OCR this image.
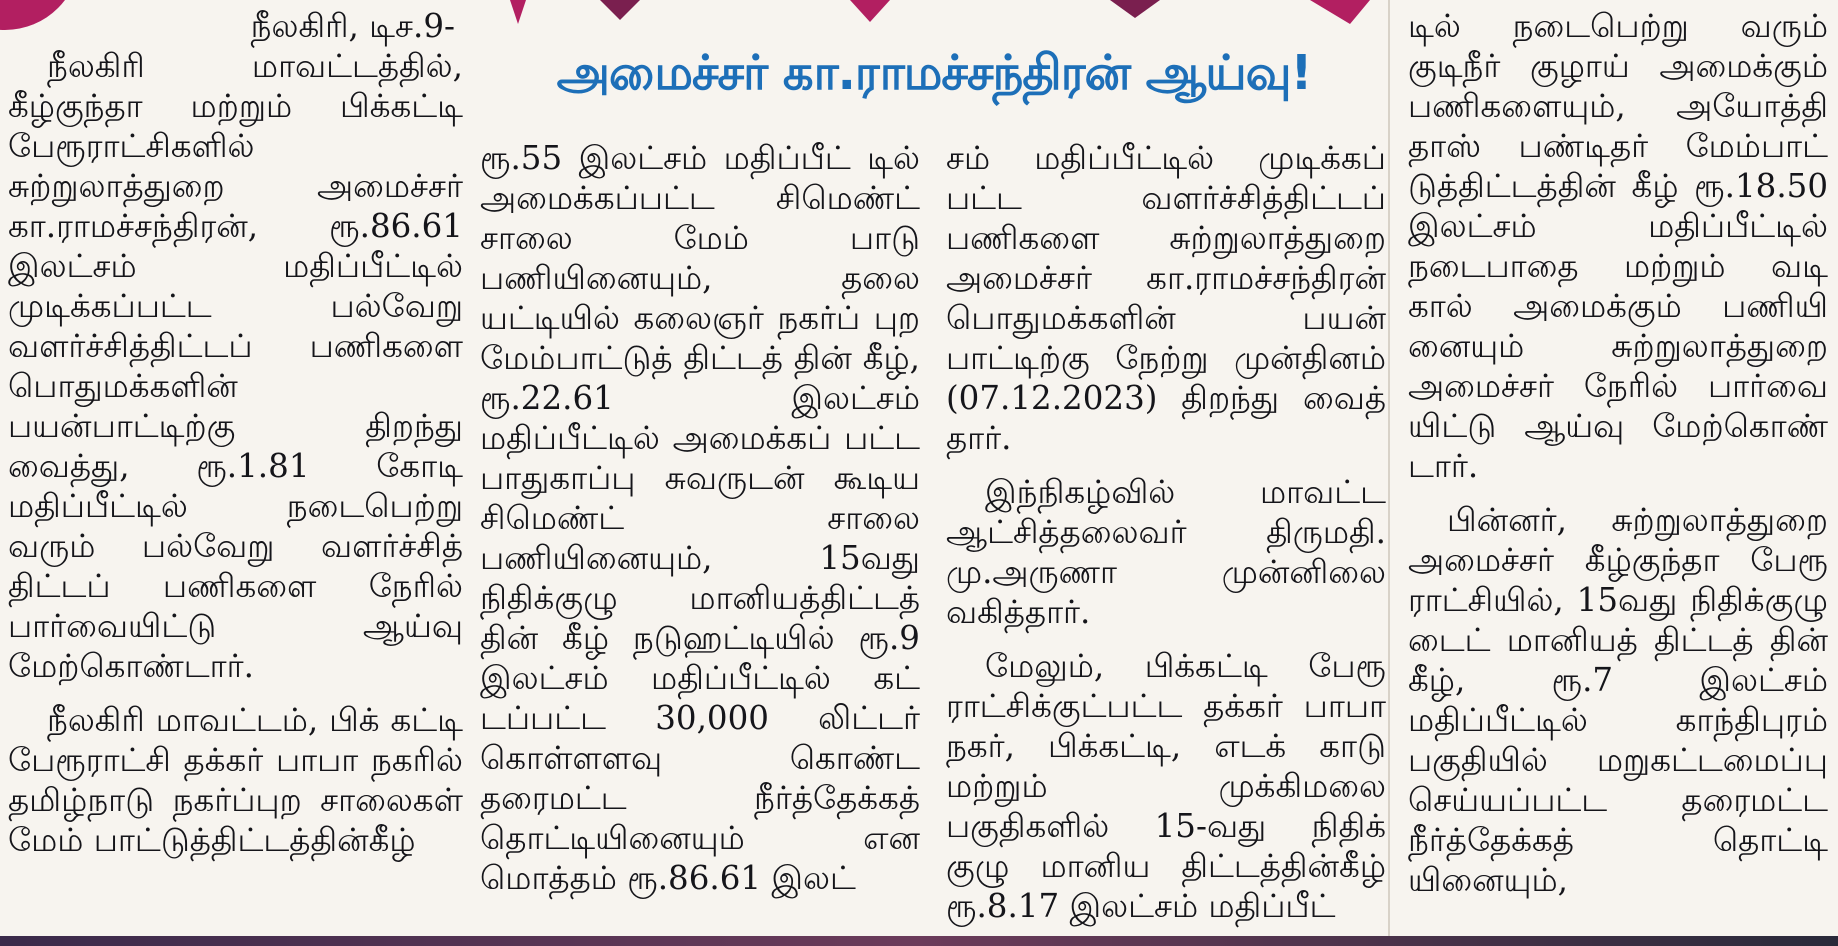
அமைச்சர் கா.ராமச்சந்திரன் ஆய்வு!
நீலகிரி, டிச.9-

நீலகிரி மாவட்டத்தில், கீழ்குந்தா மற்றும் பிக்கட்டி பேரூராட்சிகளில் சுற்றுலாத்துறை அமைச்சர் கா.ராமச்சந்திரன், ரூ.86.61 இலட்சம் மதிப்பீட்டில் முடிக்கப்பட்ட பல்வேறு வளர்ச்சித்திட்டப் பணிகளை பொதுமக்களின் பயன்பாட்டிற்கு திறந்து வைத்து, ரூ.1.81 கோடி மதிப்பீட்டில் நடைபெற்று வரும் பல்வேறு வளர்ச்சித் திட்டப் பணிகளை நேரில் பார்வையிட்டு ஆய்வு மேற்கொண்டார்.

நீலகிரி மாவட்டம், பிக் கட்டி பேரூராட்சி தக்கர் பாபா நகரில் தமிழ்நாடு நகர்ப்புற சாலைகள் மேம் பாட்டுத்திட்டத்தின்கீழ்

ரூ.55 இலட்சம் மதிப்பீட் டில் அமைக்கப்பட்ட சிமெண்ட் சாலை மேம் பாடு பணியினையும், தலை யட்டியில் கலைஞர் நகர்ப் புற மேம்பாட்டுத் திட்டத் தின் கீழ், ரூ.22.61 இலட்சம் மதிப்பீட்டில் அமைக்கப் பட்ட பாதுகாப்பு சுவருடன் கூடிய சிமெண்ட் சாலை பணியினையும், 15வது நிதிக்குழு மானியத்திட்டத் தின் கீழ் நடுஹட்டியில் ரூ.9 இலட்சம் மதிப்பீட்டில் கட் டப்பட்ட 30,000 லிட்டர் கொள்ளளவு கொண்ட தரைமட்ட நீர்த்தேக்கத் தொட்டியினையும் என மொத்தம் ரூ.86.61 இலட்

சம் மதிப்பீட்டில் முடிக்கப் பட்ட வளர்ச்சித்திட்டப் பணிகளை சுற்றுலாத்துறை அமைச்சர் கா.ராமச்சந்திரன் பொதுமக்களின் பயன் பாட்டிற்கு நேற்று முன்தினம் (07.12.2023) திறந்து வைத் தார்.

இந்நிகழ்வில் மாவட்ட ஆட்சித்தலைவர் திருமதி. மு.அருணா முன்னிலை வகித்தார்.

மேலும், பிக்கட்டி பேரூ ராட்சிக்குட்பட்ட தக்கர் பாபா நகர், பிக்கட்டி, எடக் காடு மற்றும் முக்கிமலை பகுதிகளில் 15-வது நிதிக் குழு மானிய திட்டத்தின்கீழ் ரூ.8.17 இலட்சம் மதிப்பீட்

டில் நடைபெற்று வரும் குடிநீர் குழாய் அமைக்கும் பணிகளையும், அயோத்தி தாஸ் பண்டிதர் மேம்பாட் டுத்திட்டத்தின் கீழ் ரூ.18.50 இலட்சம் மதிப்பீட்டில் நடைபாதை மற்றும் வடி கால் அமைக்கும் பணியி னையும் சுற்றுலாத்துறை அமைச்சர் நேரில் பார்வை யிட்டு ஆய்வு மேற்கொண் டார்.

பின்னர், சுற்றுலாத்துறை அமைச்சர் கீழ்குந்தா பேரூ ராட்சியில், 15வது நிதிக்குழு டைட் மானியத் திட்டத் தின் கீழ், ரூ.7 இலட்சம் மதிப்பீட்டில் காந்திபுரம் பகுதியில் மறுகட்டமைப்பு செய்யப்பட்ட தரைமட்ட நீர்த்தேக்கத் தொட்டி யினையும்,
